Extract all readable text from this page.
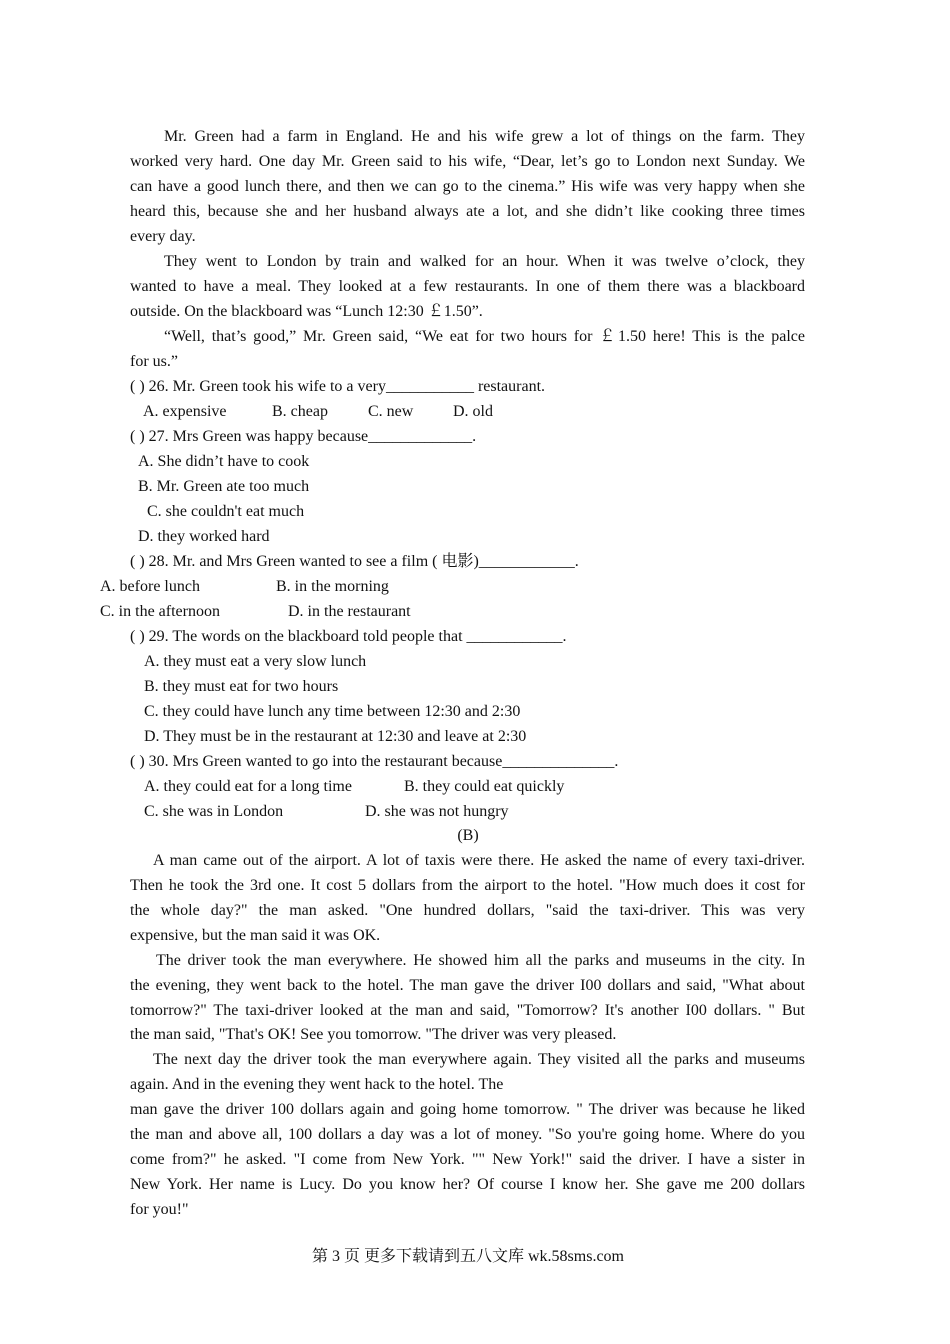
Mr. Green had a farm in England. He and his wife grew a lot of things on the farm. They
worked very hard. One day Mr. Green said to his wife, “Dear, let’s go to London next Sunday. We
can have a good lunch there, and then we can go to the cinema.” His wife was very happy when she
heard this, because she and her husband always ate a lot, and she didn’t like cooking three times
every day.
They went to London by train and walked for an hour. When it was twelve o’clock, they
wanted to have a meal. They looked at a few restaurants. In one of them there was a blackboard
outside. On the blackboard was “Lunch 12:30 ￡1.50”.
“Well, that’s good,” Mr. Green said, “We eat for two hours for ￡1.50 here! This is the palce
for us.”
( ) 26. Mr. Green took his wife to a very___________ restaurant.
A. expensive	B. cheap	C. new D. old
( ) 27. Mrs Green was happy because_____________.
A. She didn’t have to cook
B. Mr. Green ate too much
C. she couldn't eat much
D. they worked hard
( ) 28. Mr. and Mrs Green wanted to see a film ( 电影)____________.
A. before lunch	B. in the morning
C. in the afternoon	D. in the restaurant
( ) 29. The words on the blackboard told people that ____________.
A. they must eat a very slow lunch
B. they must eat for two hours
C. they could have lunch any time between 12:30 and 2:30
D. They must be in the restaurant at 12:30 and leave at 2:30
( ) 30. Mrs Green wanted to go into the restaurant because______________.
A. they could eat for a long time	B. they could eat quickly
C. she was in London	D. she was not hungry
(B)
A man came out of the airport. A lot of taxis were there. He asked the name of every taxi-driver.
Then he took the 3rd one. It cost 5 dollars from the airport to the hotel. "How much does it cost for
the whole day?" the man asked. "One hundred dollars, "said the taxi-driver. This was very
expensive, but the man said it was OK.
The driver took the man everywhere. He showed him all the parks and museums in the city. In
the evening, they went back to the hotel. The man gave the driver I00 dollars and said, "What about
tomorrow?" The taxi-driver looked at the man and said, "Tomorrow? It's another I00 dollars. " But
the man said, "That's OK! See you tomorrow. "The driver was very pleased.
The next day the driver took the man everywhere again. They visited all the parks and museums
again. And in the evening they went hack to the hotel. The
man gave the driver 100 dollars again and going home tomorrow. " The driver was because he liked
the man and above all, 100 dollars a day was a lot of money. "So you're going home. Where do you
come from?" he asked. "I come from New York. "" New York!" said the driver. I have a sister in
New York. Her name is Lucy. Do you know her? Of course I know her. She gave me 200 dollars
for you!"
第 3 页 更多下载请到五八文库 wk.58sms.com
